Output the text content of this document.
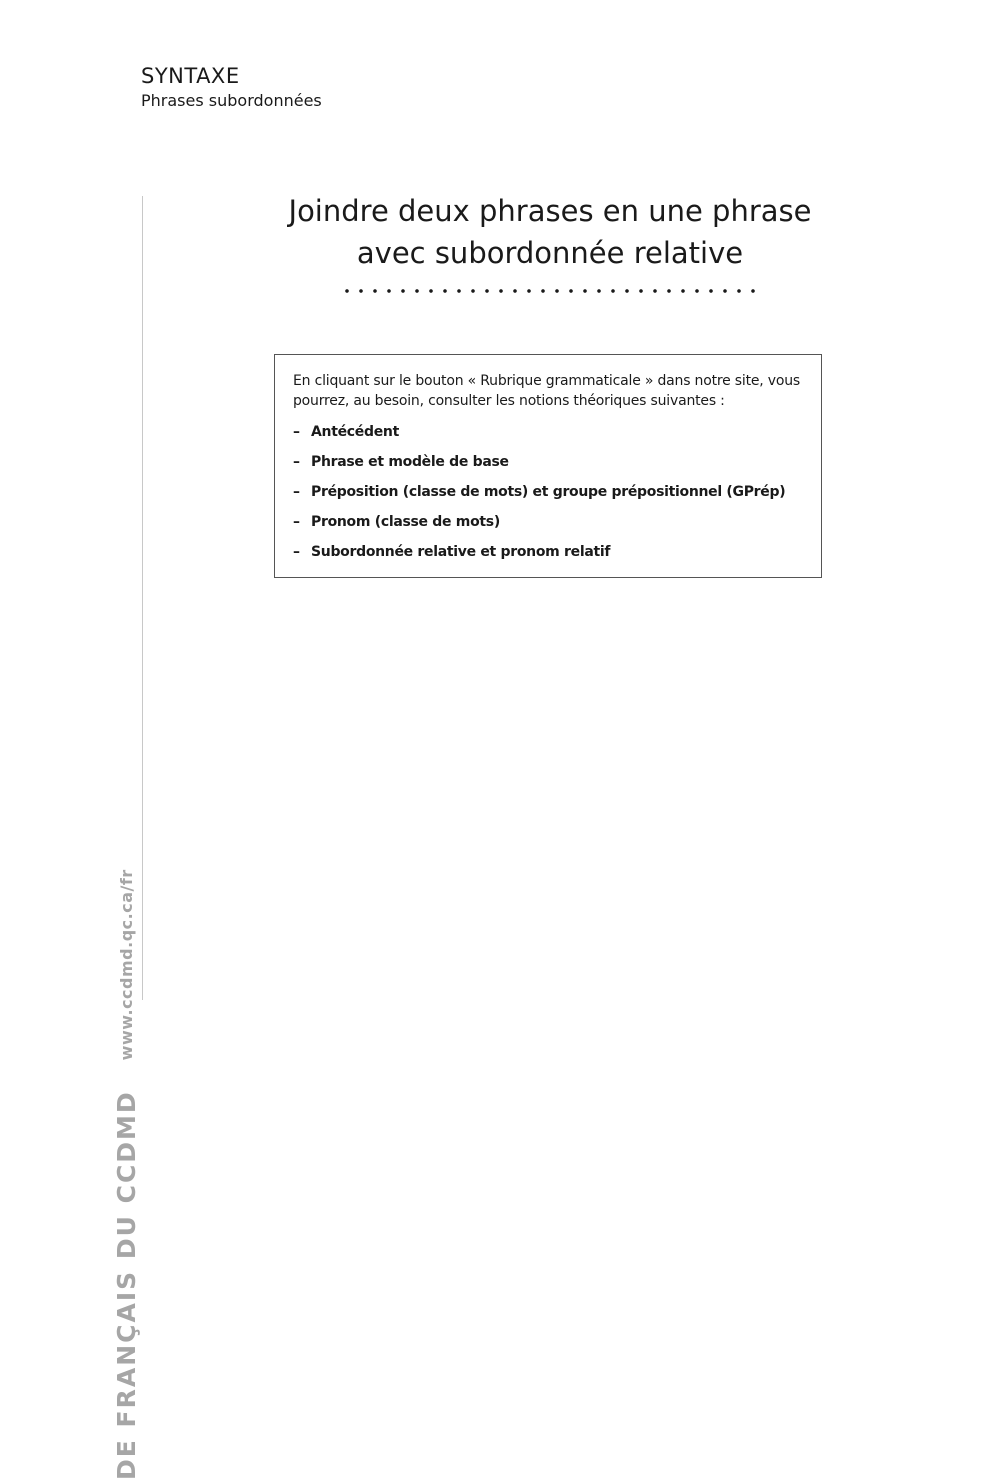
SYNTAXE
Phrases subordonnées
DE FRANÇAIS DU CCDMD
www.ccdmd.qc.ca/fr
Joindre deux phrases en une phrase
avec subordonnée relative
En cliquant sur le bouton « Rubrique grammaticale » dans notre site, vous pourrez, au besoin, consulter les notions théoriques suivantes :
– Antécédent
– Phrase et modèle de base
– Préposition (classe de mots) et groupe prépositionnel (GPrép)
– Pronom (classe de mots)
– Subordonnée relative et pronom relatif
